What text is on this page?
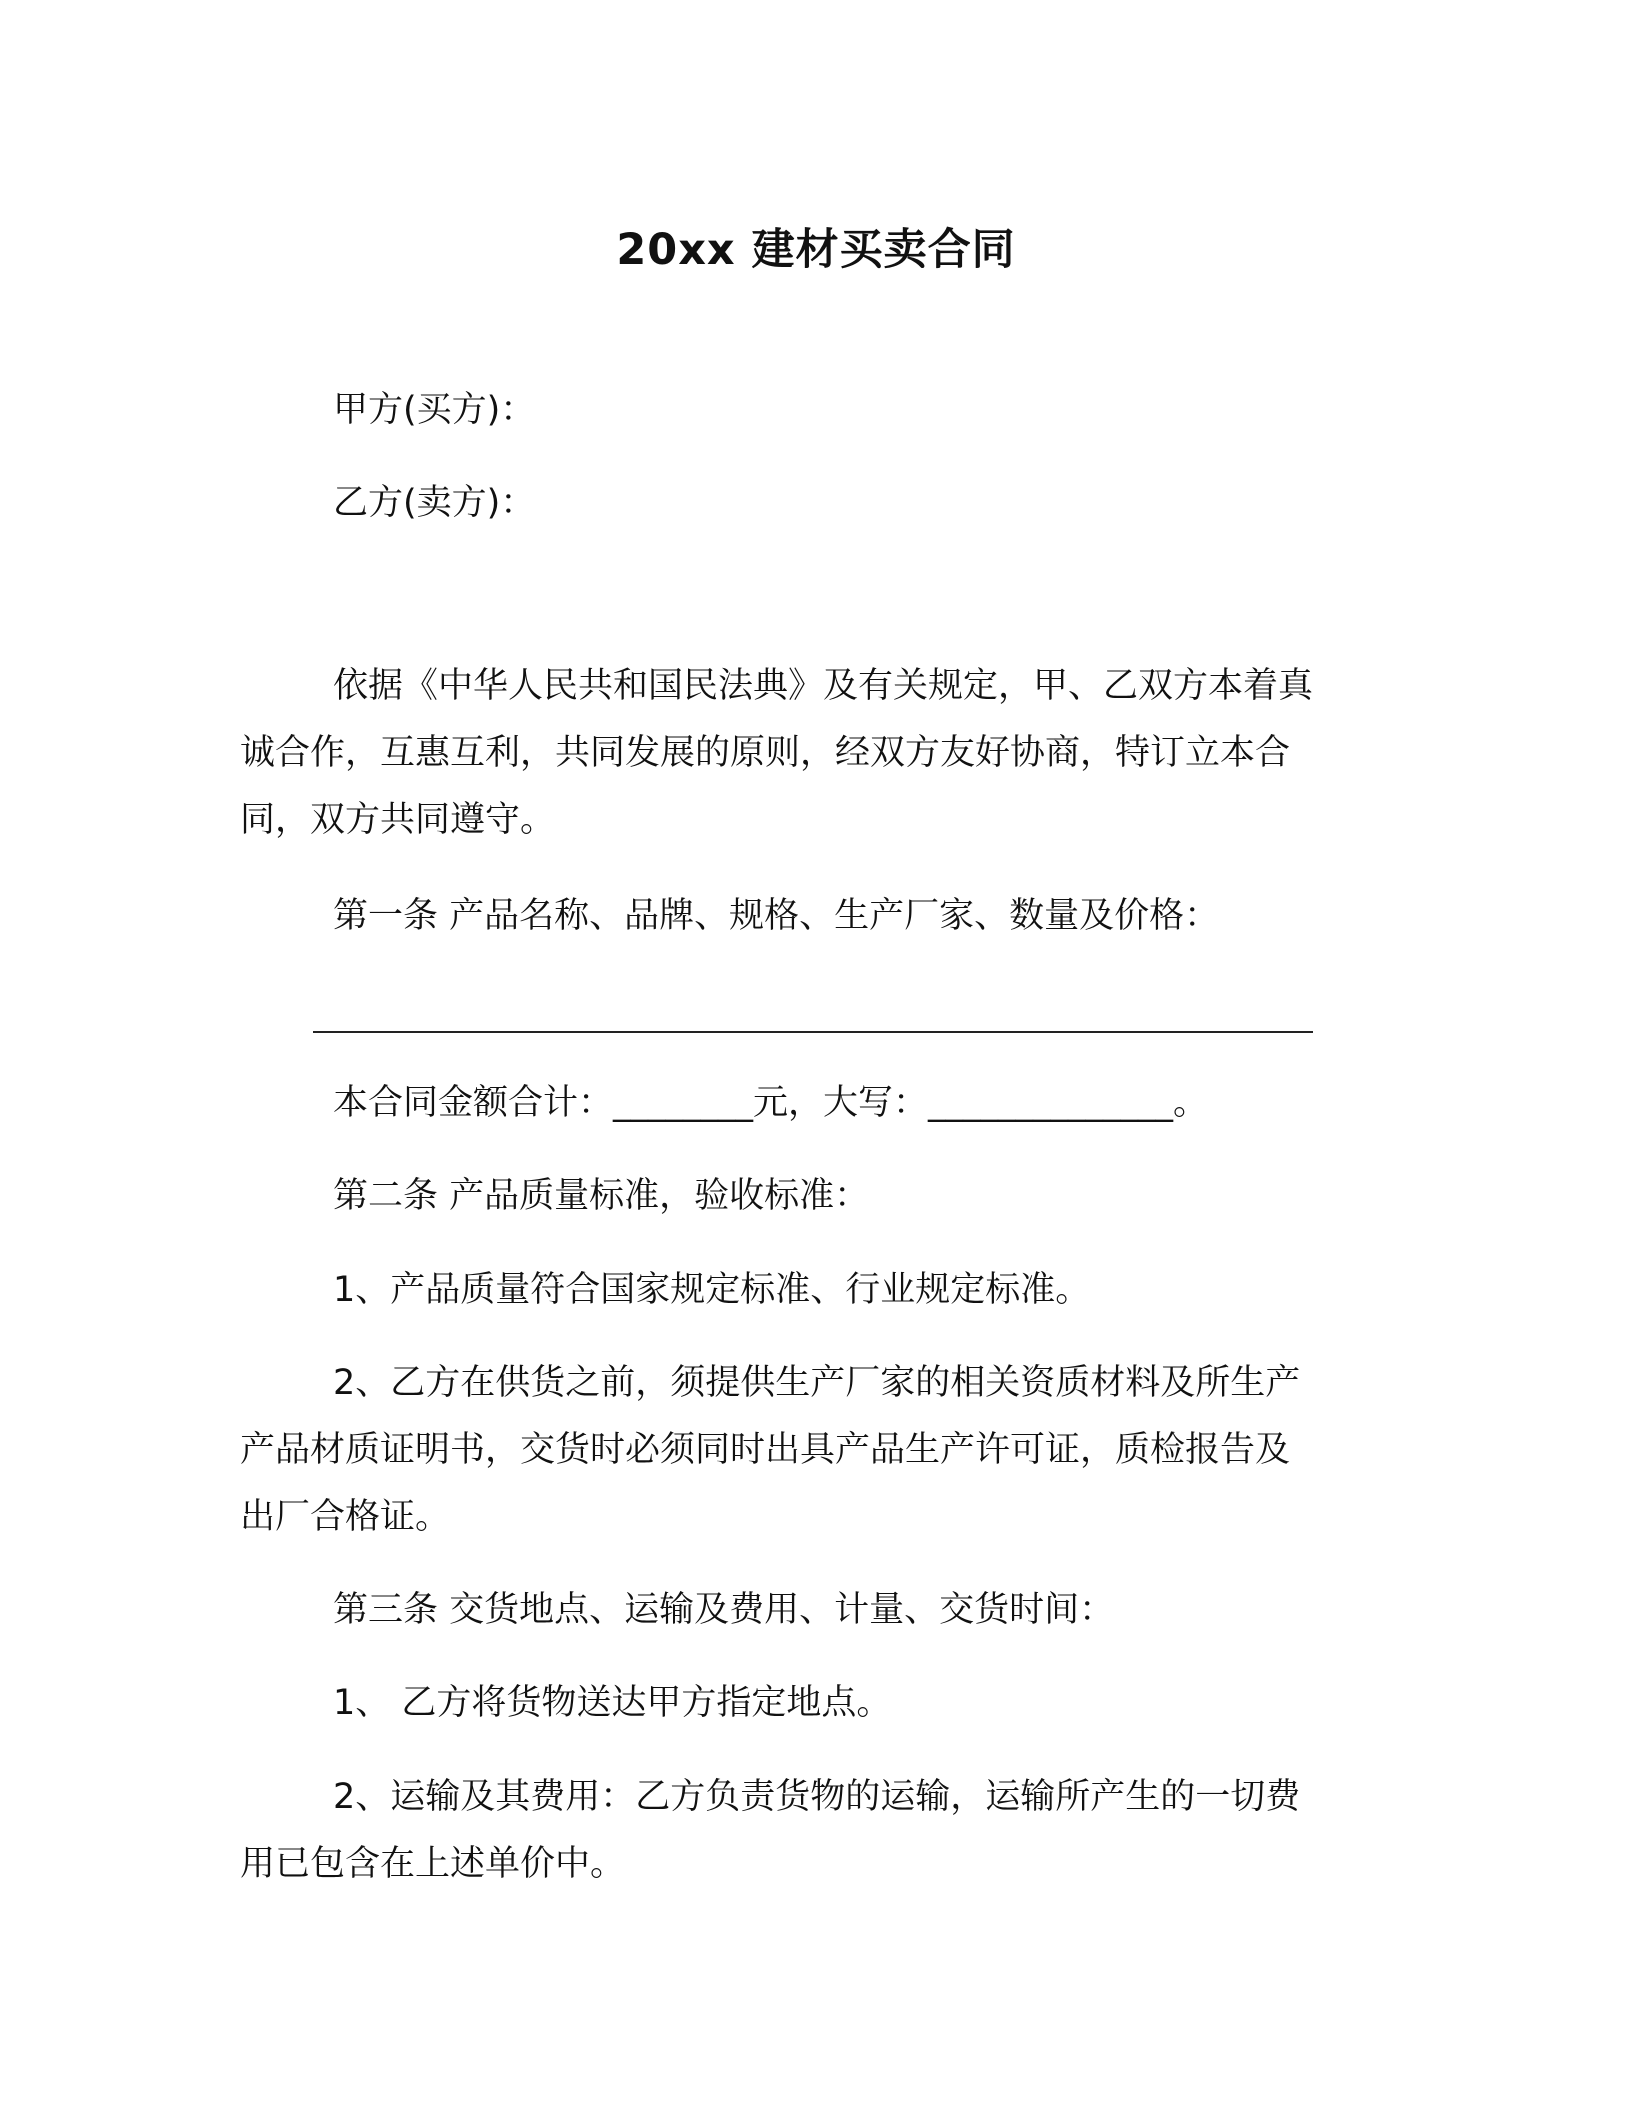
20xx 建材买卖合同
甲方(买方)：
乙方(卖方)：
依据《中华人民共和国民法典》及有关规定，甲、乙双方本着真
诚合作，互惠互利，共同发展的原则，经双方友好协商，特订立本合
同，双方共同遵守。
第一条 产品名称、品牌、规格、生产厂家、数量及价格：
本合同金额合计：________元，大写：______________。
第二条 产品质量标准，验收标准：
1、产品质量符合国家规定标准、行业规定标准。
2、乙方在供货之前，须提供生产厂家的相关资质材料及所生产
产品材质证明书，交货时必须同时出具产品生产许可证，质检报告及
出厂合格证。
第三条 交货地点、运输及费用、计量、交货时间：
1、 乙方将货物送达甲方指定地点。
2、运输及其费用：乙方负责货物的运输，运输所产生的一切费
用已包含在上述单价中。
